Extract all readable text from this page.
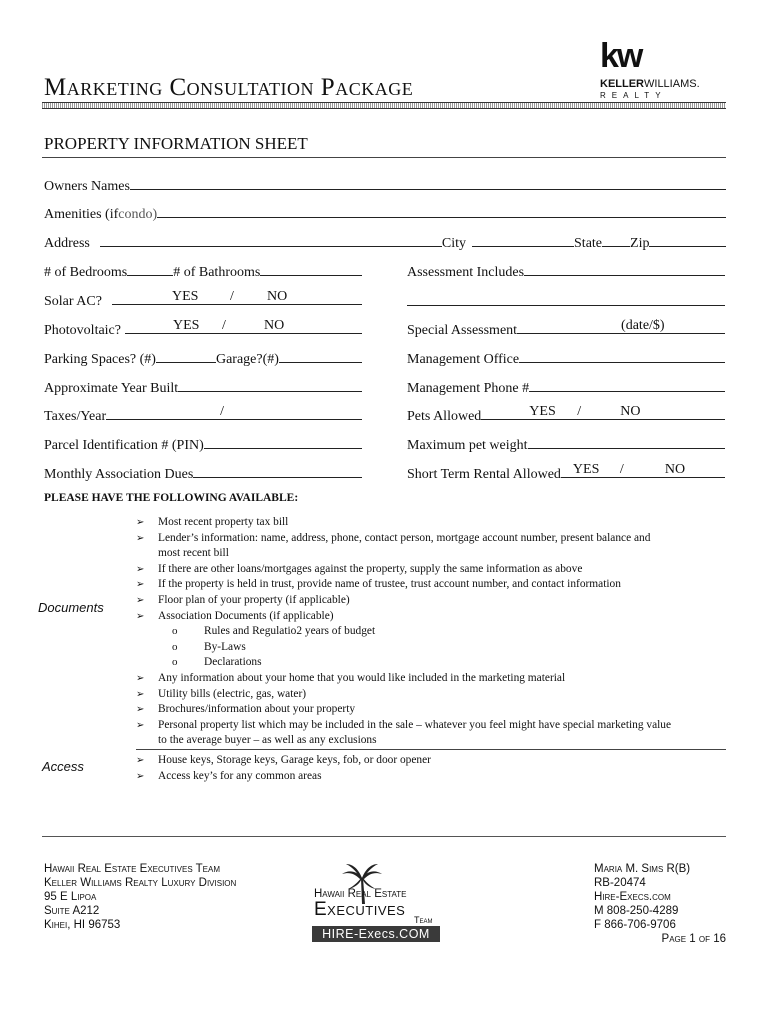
Marketing Consultation Package
kw
KELLERWILLIAMS.
REALTY
PROPERTY INFORMATION SHEET
Owners Names
Amenities (if condo)
Address	City	State Zip
# of Bedrooms	# of Bathrooms
Solar AC?	YES / NO
Photovoltaic?	YES /	NO
Parking Spaces? (#)	Garage?(#)
Approximate Year Built
Taxes/Year	/
Parcel Identification # (PIN)
Monthly Association Dues
Assessment Includes
Special Assessment	(date/$)
Management Office
Management Phone #
Pets Allowed	YES /	NO
Maximum pet weight
Short Term Rental Allowed YES /	NO
PLEASE HAVE THE FOLLOWING AVAILABLE:
Documents
Access
➢	Most recent property tax bill
➢	Lender’s information: name, address, phone, contact person, mortgage account number, present balance and
most recent bill
➢	If there are other loans/mortgages against the property, supply the same information as above
➢	If the property is held in trust, provide name of trustee, trust account number, and contact information
➢	Floor plan of your property (if applicable)
➢	Association Documents (if applicable)
o	Rules and Regulatio2 years of budget
o	By-Laws
o	Declarations
➢	Any information about your home that you would like included in the marketing material
➢	Utility bills (electric, gas, water)
➢	Brochures/information about your property
➢	Personal property list which may be included in the sale – whatever you feel might have special marketing value
to the average buyer – as well as any exclusions
➢	House keys, Storage keys, Garage keys, fob, or door opener
➢	Access key’s for any common areas
Hawaii Real Estate Executives Team
Keller Williams Realty Luxury Division
95 E Lipoa
Suite A212
Kihei, HI 96753
Hawaii Real Estate
Executives Team
HIRE-Execs.COM
Maria M. Sims R(B)
RB-20474
Hire-Execs.com
M 808-250-4289
F 866-706-9706
Page 1 of 16
